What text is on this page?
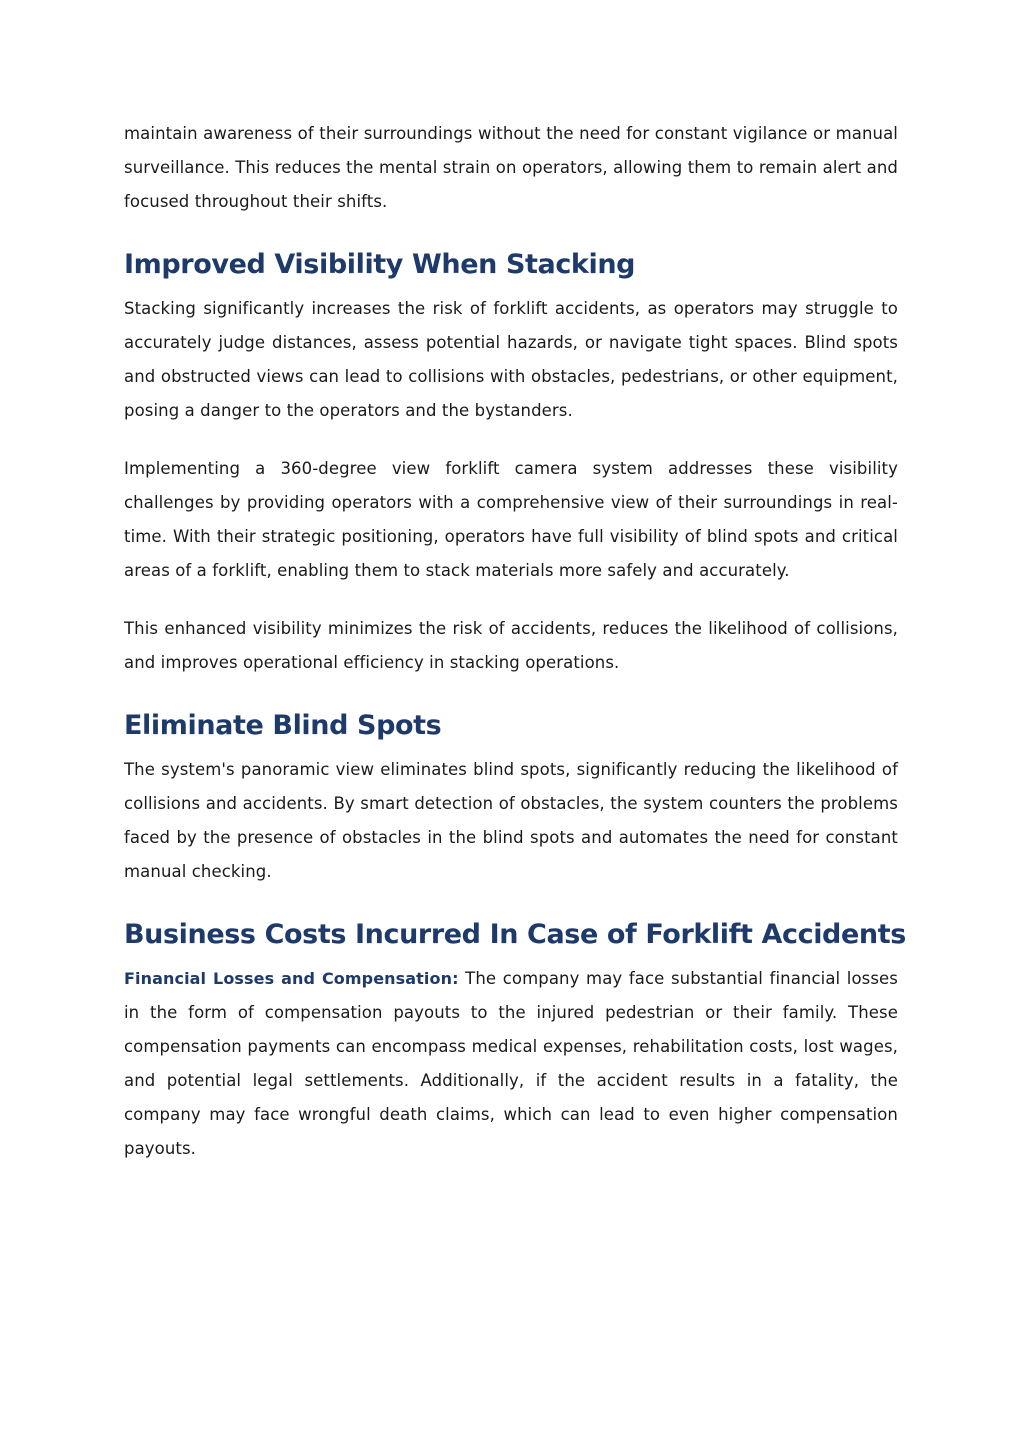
maintain awareness of their surroundings without the need for constant vigilance or manual surveillance. This reduces the mental strain on operators, allowing them to remain alert and focused throughout their shifts.

Improved Visibility When Stacking

Stacking significantly increases the risk of forklift accidents, as operators may struggle to accurately judge distances, assess potential hazards, or navigate tight spaces. Blind spots and obstructed views can lead to collisions with obstacles, pedestrians, or other equipment, posing a danger to the operators and the bystanders.

Implementing a 360-degree view forklift camera system addresses these visibility challenges by providing operators with a comprehensive view of their surroundings in real-time. With their strategic positioning, operators have full visibility of blind spots and critical areas of a forklift, enabling them to stack materials more safely and accurately.

This enhanced visibility minimizes the risk of accidents, reduces the likelihood of collisions, and improves operational efficiency in stacking operations.

Eliminate Blind Spots

The system's panoramic view eliminates blind spots, significantly reducing the likelihood of collisions and accidents. By smart detection of obstacles, the system counters the problems faced by the presence of obstacles in the blind spots and automates the need for constant manual checking.

Business Costs Incurred In Case of Forklift Accidents

Financial Losses and Compensation: The company may face substantial financial losses in the form of compensation payouts to the injured pedestrian or their family. These compensation payments can encompass medical expenses, rehabilitation costs, lost wages, and potential legal settlements. Additionally, if the accident results in a fatality, the company may face wrongful death claims, which can lead to even higher compensation payouts.
